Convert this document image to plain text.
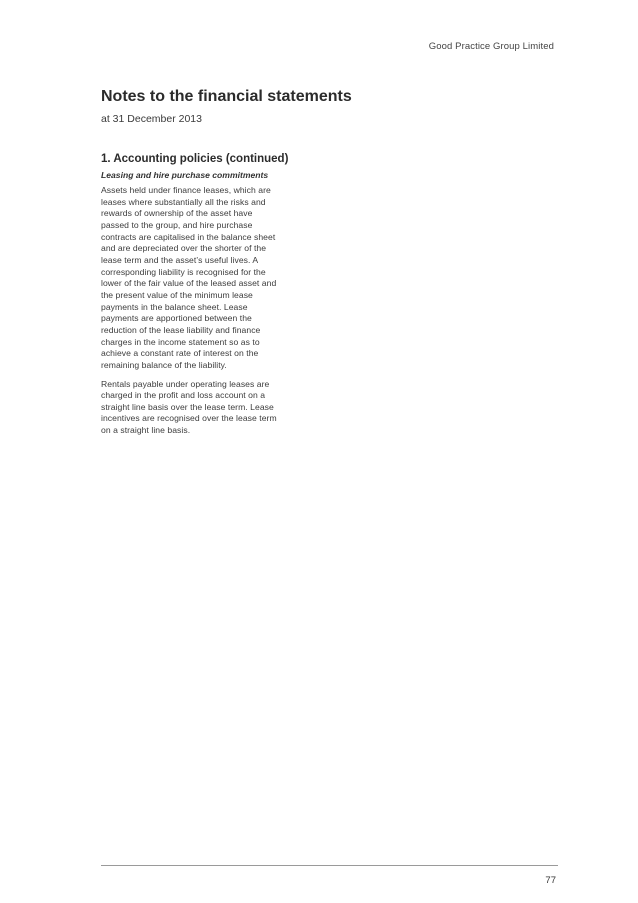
Good Practice Group Limited
Notes to the financial statements

at 31 December 2013

1. Accounting policies (continued)
Leasing and hire purchase commitments

Assets held under finance leases, which are
leases where substantially all the risks and
rewards of ownership of the asset have
passed to the group, and hire purchase
contracts are capitalised in the balance sheet
and are depreciated over the shorter of the
lease term and the asset’s useful lives. A
corresponding liability is recognised for the
lower of the fair value of the leased asset and
the present value of the minimum lease
payments in the balance sheet. Lease
payments are apportioned between the
reduction of the lease liability and finance
charges in the income statement so as to
achieve a constant rate of interest on the
remaining balance of the liability.

Rentals payable under operating leases are
charged in the profit and loss account on a
straight line basis over the lease term. Lease
incentives are recognised over the lease term
on a straight line basis.

77
